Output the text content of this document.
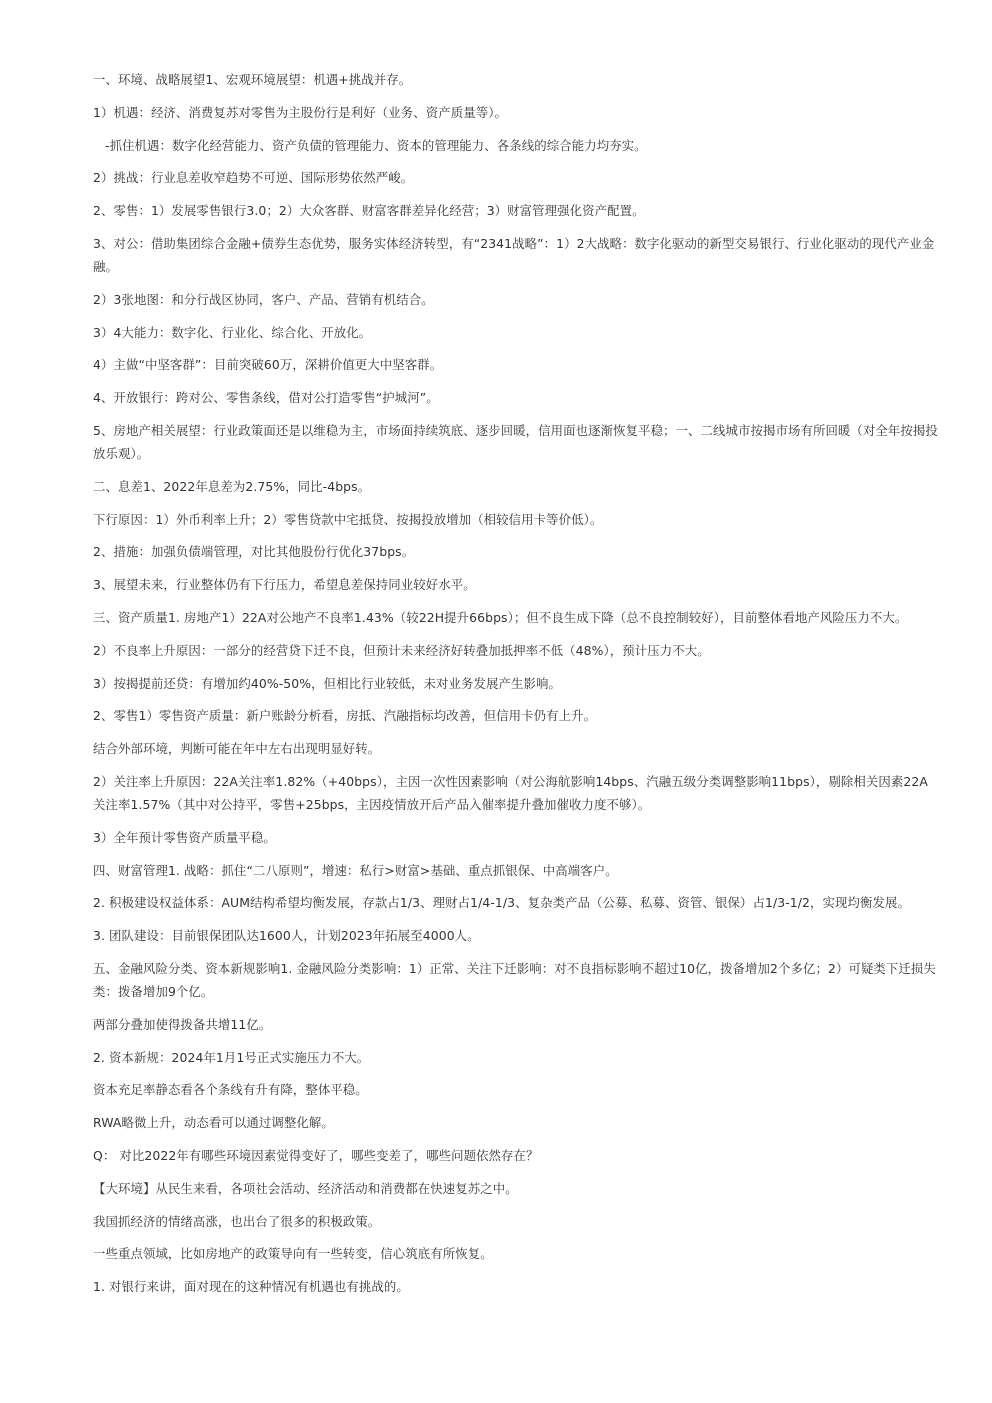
一、环境、战略展望1、宏观环境展望：机遇+挑战并存。

1）机遇：经济、消费复苏对零售为主股份行是利好（业务、资产质量等）。

-抓住机遇：数字化经营能力、资产负债的管理能力、资本的管理能力、各条线的综合能力均夯实。

2）挑战：行业息差收窄趋势不可逆、国际形势依然严峻。

2、零售：1）发展零售银行3.0；2）大众客群、财富客群差异化经营；3）财富管理强化资产配置。

3、对公：借助集团综合金融+债券生态优势，服务实体经济转型，有“2341战略”：1）2大战略：数字化驱动的新型交易银行、行业化驱动的现代产业金融。

2）3张地图：和分行战区协同，客户、产品、营销有机结合。

3）4大能力：数字化、行业化、综合化、开放化。

4）主做“中坚客群”：目前突破60万，深耕价值更大中坚客群。

4、开放银行：跨对公、零售条线，借对公打造零售“护城河”。

5、房地产相关展望：行业政策面还是以维稳为主，市场面持续筑底、逐步回暖，信用面也逐渐恢复平稳；一、二线城市按揭市场有所回暖（对全年按揭投放乐观）。

二、息差1、2022年息差为2.75%，同比-4bps。

下行原因：1）外币利率上升；2）零售贷款中宅抵贷、按揭投放增加（相较信用卡等价低）。

2、措施：加强负债端管理，对比其他股份行优化37bps。

3、展望未来，行业整体仍有下行压力，希望息差保持同业较好水平。

三、资产质量1. 房地产1）22A对公地产不良率1.43%（较22H提升66bps）；但不良生成下降（总不良控制较好），目前整体看地产风险压力不大。

2）不良率上升原因：一部分的经营贷下迁不良，但预计未来经济好转叠加抵押率不低（48%），预计压力不大。

3）按揭提前还贷：有增加约40%-50%，但相比行业较低，未对业务发展产生影响。

2、零售1）零售资产质量：新户账龄分析看，房抵、汽融指标均改善，但信用卡仍有上升。

结合外部环境，判断可能在年中左右出现明显好转。

2）关注率上升原因：22A关注率1.82%（+40bps），主因一次性因素影响（对公海航影响14bps、汽融五级分类调整影响11bps），剔除相关因素22A关注率1.57%（其中对公持平，零售+25bps，主因疫情放开后产品入催率提升叠加催收力度不够）。

3）全年预计零售资产质量平稳。

四、财富管理1. 战略：抓住“二八原则”，增速：私行>财富>基础、重点抓银保、中高端客户。

2. 积极建设权益体系：AUM结构希望均衡发展，存款占1/3、理财占1/4-1/3、复杂类产品（公募、私募、资管、银保）占1/3-1/2，实现均衡发展。

3. 团队建设：目前银保团队达1600人，计划2023年拓展至4000人。

五、金融风险分类、资本新规影响1. 金融风险分类影响：1）正常、关注下迁影响：对不良指标影响不超过10亿，拨备增加2个多亿；2）可疑类下迁损失类：拨备增加9个亿。

两部分叠加使得拨备共增11亿。

2. 资本新规：2024年1月1号正式实施压力不大。

资本充足率静态看各个条线有升有降，整体平稳。

RWA略微上升，动态看可以通过调整化解。

Q： 对比2022年有哪些环境因素觉得变好了，哪些变差了，哪些问题依然存在？

【大环境】从民生来看，各项社会活动、经济活动和消费都在快速复苏之中。

我国抓经济的情绪高涨，也出台了很多的积极政策。

一些重点领域，比如房地产的政策导向有一些转变，信心筑底有所恢复。

1. 对银行来讲，面对现在的这种情况有机遇也有挑战的。
